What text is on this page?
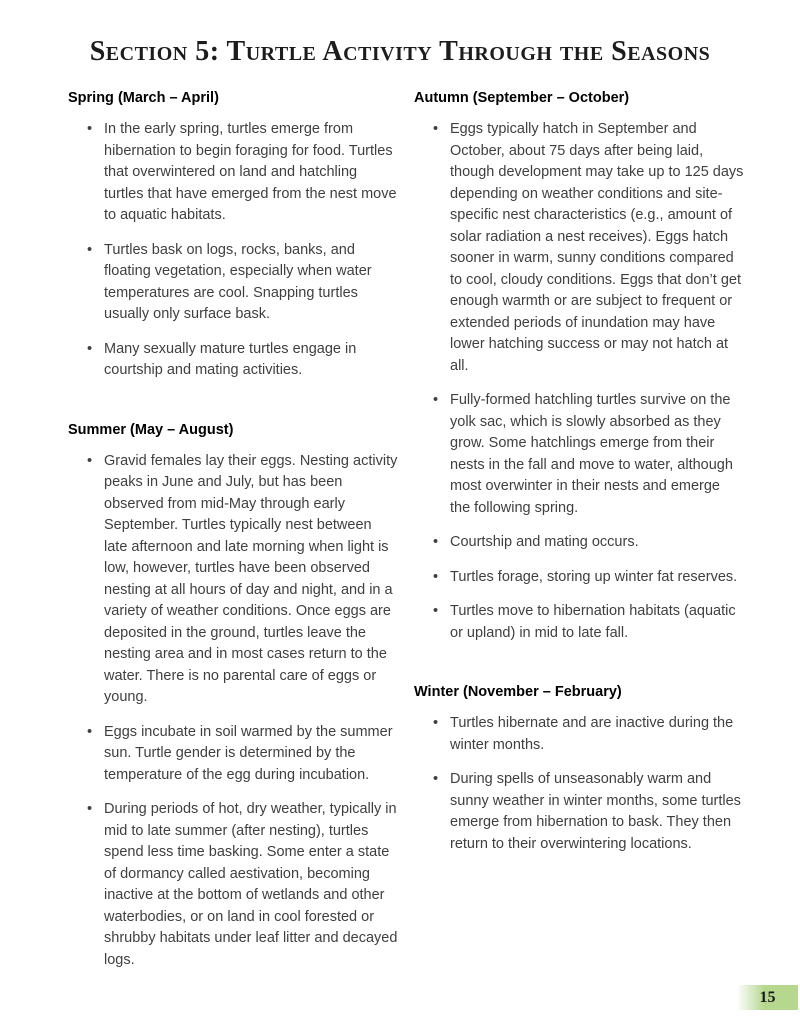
Section 5: Turtle Activity Through the Seasons
Spring (March – April)
• In the early spring, turtles emerge from hibernation to begin foraging for food. Turtles that overwintered on land and hatchling turtles that have emerged from the nest move to aquatic habitats.
• Turtles bask on logs, rocks, banks, and floating vegetation, especially when water temperatures are cool. Snapping turtles usually only surface bask.
• Many sexually mature turtles engage in courtship and mating activities.
Summer (May – August)
• Gravid females lay their eggs. Nesting activity peaks in June and July, but has been observed from mid-May through early September. Turtles typically nest between late afternoon and late morning when light is low, however, turtles have been observed nesting at all hours of day and night, and in a variety of weather conditions. Once eggs are deposited in the ground, turtles leave the nesting area and in most cases return to the water. There is no parental care of eggs or young.
• Eggs incubate in soil warmed by the summer sun. Turtle gender is determined by the temperature of the egg during incubation.
• During periods of hot, dry weather, typically in mid to late summer (after nesting), turtles spend less time basking. Some enter a state of dormancy called aestivation, becoming inactive at the bottom of wetlands and other waterbodies, or on land in cool forested or shrubby habitats under leaf litter and decayed logs.
Autumn (September – October)
• Eggs typically hatch in September and October, about 75 days after being laid, though development may take up to 125 days depending on weather conditions and site-specific nest characteristics (e.g., amount of solar radiation a nest receives). Eggs hatch sooner in warm, sunny conditions compared to cool, cloudy conditions. Eggs that don’t get enough warmth or are subject to frequent or extended periods of inundation may have lower hatching success or may not hatch at all.
• Fully-formed hatchling turtles survive on the yolk sac, which is slowly absorbed as they grow. Some hatchlings emerge from their nests in the fall and move to water, although most overwinter in their nests and emerge the following spring.
• Courtship and mating occurs.
• Turtles forage, storing up winter fat reserves.
• Turtles move to hibernation habitats (aquatic or upland) in mid to late fall.
Winter (November – February)
• Turtles hibernate and are inactive during the winter months.
• During spells of unseasonably warm and sunny weather in winter months, some turtles emerge from hibernation to bask. They then return to their overwintering locations.
15
